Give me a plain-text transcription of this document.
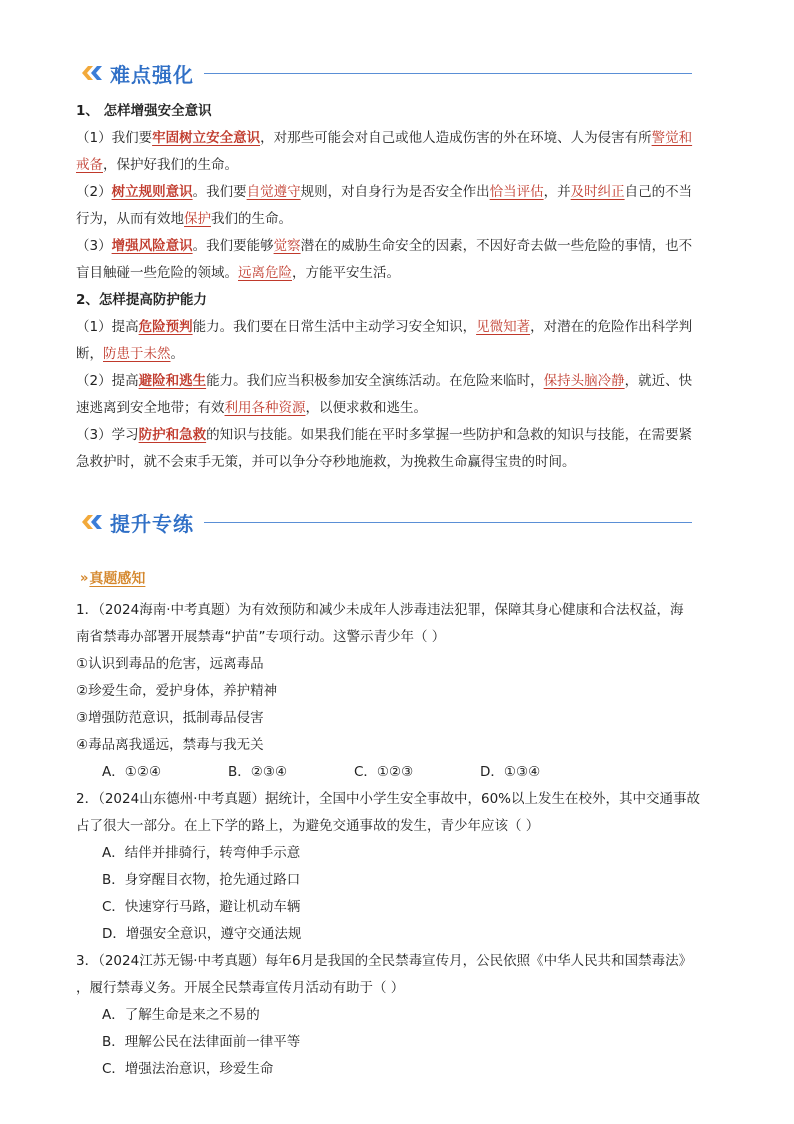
难点强化

1、 怎样增强安全意识

（1）我们要牢固树立安全意识，对那些可能会对自己或他人造成伤害的外在环境、人为侵害有所警觉和

戒备，保护好我们的生命。

（2）树立规则意识。我们要自觉遵守规则，对自身行为是否安全作出恰当评估，并及时纠正自己的不当

行为，从而有效地保护我们的生命。

（3）增强风险意识。我们要能够觉察潜在的威胁生命安全的因素，不因好奇去做一些危险的事情，也不

盲目触碰一些危险的领域。远离危险，方能平安生活。

2、怎样提高防护能力

（1）提高危险预判能力。我们要在日常生活中主动学习安全知识，见微知著，对潜在的危险作出科学判

断，防患于未然。

（2）提高避险和逃生能力。我们应当积极参加安全演练活动。在危险来临时，保持头脑冷静，就近、快

速逃离到安全地带；有效利用各种资源，以便求救和逃生。

（3）学习防护和急救的知识与技能。如果我们能在平时多掌握一些防护和急救的知识与技能，在需要紧

急救护时，就不会束手无策，并可以争分夺秒地施救，为挽救生命赢得宝贵的时间。

提升专练
» 真题感知

1．（2024海南·中考真题）为有效预防和减少未成年人涉毒违法犯罪，保障其身心健康和合法权益，海

南省禁毒办部署开展禁毒“护苗”专项行动。这警示青少年（ ）

①认识到毒品的危害，远离毒品

②珍爱生命，爱护身体，养护精神

③增强防范意识，抵制毒品侵害

④毒品离我遥远，禁毒与我无关

A．①②④	B．②③④	C．①②③	D．①③④

2．（2024山东德州·中考真题）据统计，全国中小学生安全事故中，60%以上发生在校外，其中交通事故

占了很大一部分。在上下学的路上，为避免交通事故的发生，青少年应该（ ）

A．结伴并排骑行，转弯伸手示意

B．身穿醒目衣物，抢先通过路口

C．快速穿行马路，避让机动车辆

D．增强安全意识，遵守交通法规

3．（2024江苏无锡·中考真题）每年6月是我国的全民禁毒宣传月，公民依照《中华人民共和国禁毒法》

，履行禁毒义务。开展全民禁毒宣传月活动有助于（ ）

A．了解生命是来之不易的

B．理解公民在法律面前一律平等

C．增强法治意识，珍爱生命
